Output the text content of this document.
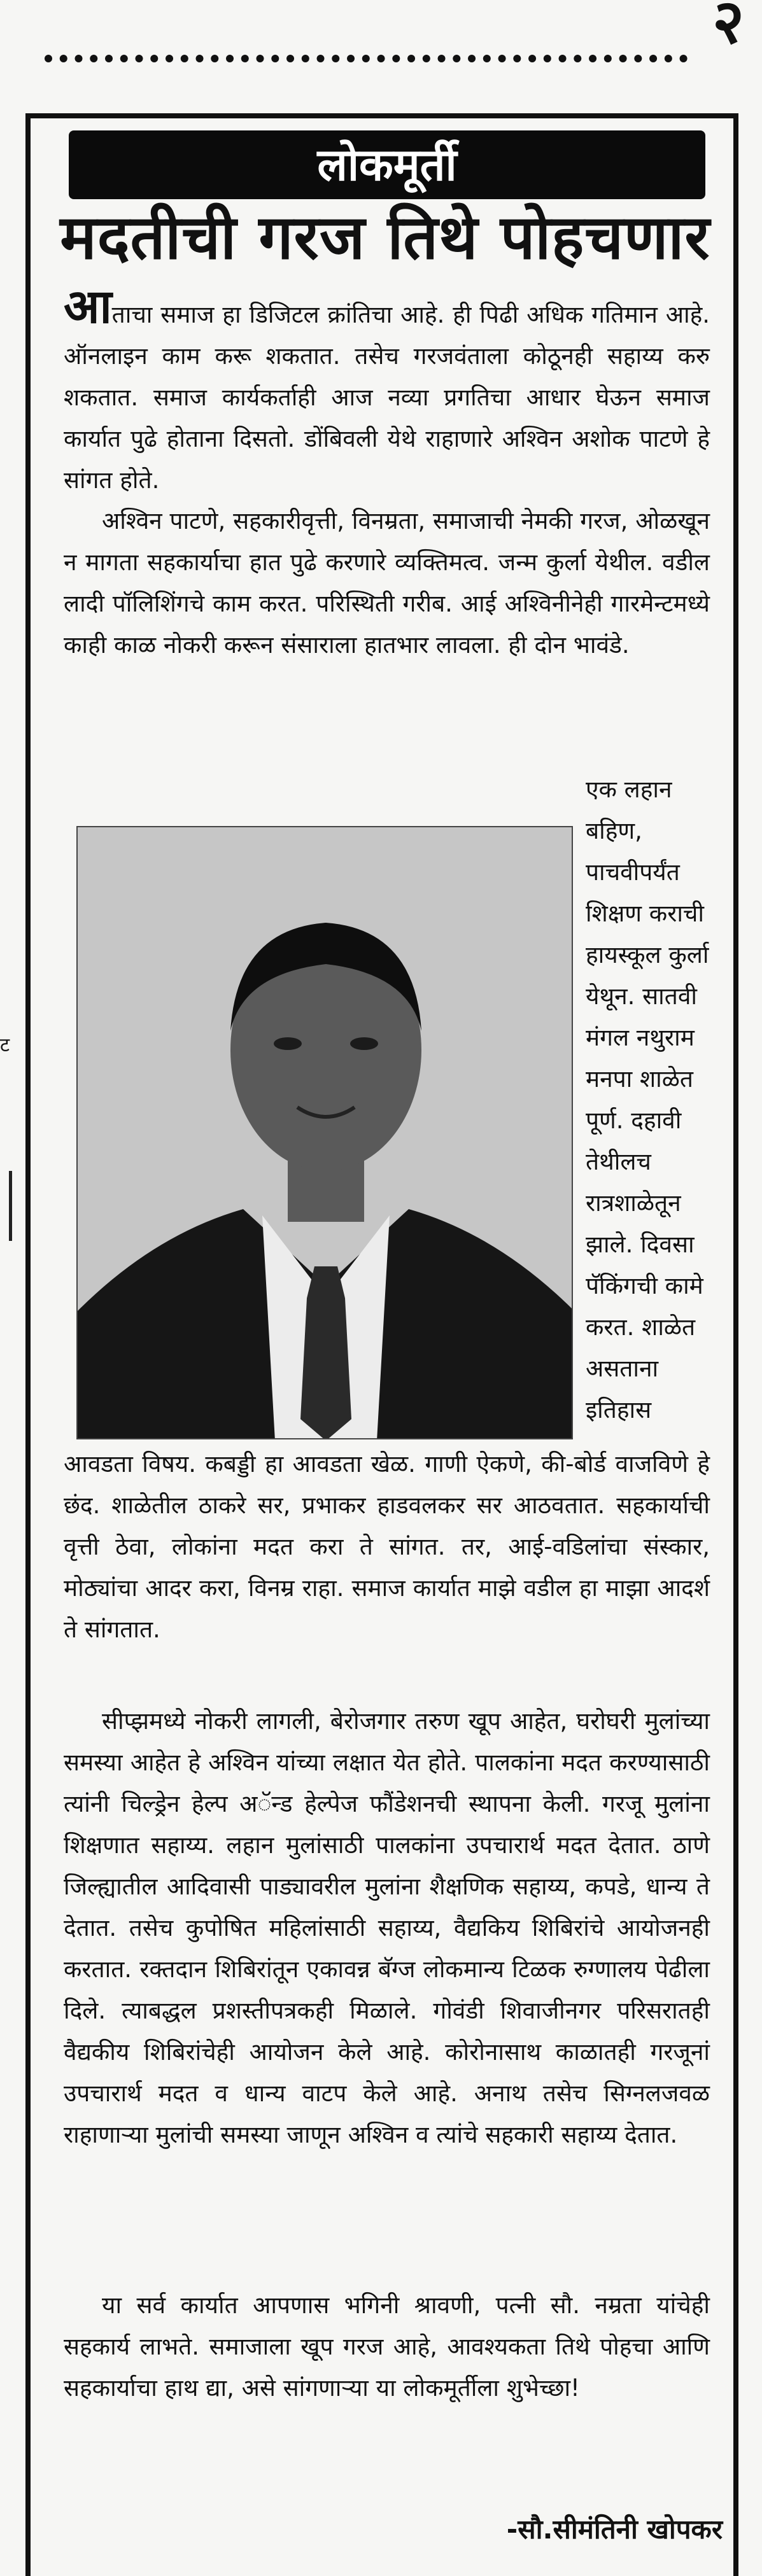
२
ट
लोकमूर्ती
मदतीची गरज तिथे पोहचणार

आताचा समाज हा डिजिटल क्रांतिचा आहे. ही पिढी अधिक गतिमान आहे. ऑनलाइन काम करू शकतात. तसेच गरजवंताला कोठूनही सहाय्य करु शकतात. समाज कार्यकर्ताही आज नव्या प्रगतिचा आधार घेऊन समाज कार्यात पुढे होताना दिसतो. डोंबिवली येथे राहाणारे अश्विन अशोक पाटणे हे सांगत होते.

अश्विन पाटणे, सहकारीवृत्ती, विनम्रता, समाजाची नेमकी गरज, ओळखून न मागता सहकार्याचा हात पुढे करणारे व्यक्तिमत्व. जन्म कुर्ला येथील. वडील लादी पॉलिशिंगचे काम करत. परिस्थिती गरीब. आई अश्विनीनेही गारमेन्टमध्ये काही काळ नोकरी करून संसाराला हातभार लावला. ही दोन भावंडे.

एक लहान
बहिण,
पाचवीपर्यंत
शिक्षण कराची
हायस्कूल कुर्ला
येथून. सातवी
मंगल नथुराम
मनपा शाळेत
पूर्ण. दहावी
तेथीलच
रात्रशाळेतून
झाले. दिवसा
पॅकिंगची कामे
करत. शाळेत
असताना
इतिहास

आवडता विषय. कबड्डी हा आवडता खेळ. गाणी ऐकणे, की-बोर्ड वाजविणे हे छंद. शाळेतील ठाकरे सर, प्रभाकर हाडवलकर सर आठवतात. सहकार्याची वृत्ती ठेवा, लोकांना मदत करा ते सांगत. तर, आई-वडिलांचा संस्कार, मोठ्यांचा आदर करा, विनम्र राहा. समाज कार्यात माझे वडील हा माझा आदर्श ते सांगतात.

सीप्झमध्ये नोकरी लागली, बेरोजगार तरुण खूप आहेत, घरोघरी मुलांच्या समस्या आहेत हे अश्विन यांच्या लक्षात येत होते. पालकांना मदत करण्यासाठी त्यांनी चिल्ड्रेन हेल्प अॅन्ड हेल्पेज फौंडेशनची स्थापना केली. गरजू मुलांना शिक्षणात सहाय्य. लहान मुलांसाठी पालकांना उपचारार्थ मदत देतात. ठाणे जिल्ह्यातील आदिवासी पाड्यावरील मुलांना शैक्षणिक सहाय्य, कपडे, धान्य ते देतात. तसेच कुपोषित महिलांसाठी सहाय्य, वैद्यकिय शिबिरांचे आयोजनही करतात. रक्तदान शिबिरांतून एकावन्न बॅग्ज लोकमान्य टिळक रुग्णालय पेढीला दिले. त्याबद्धल प्रशस्तीपत्रकही मिळाले. गोवंडी शिवाजीनगर परिसरातही वैद्यकीय शिबिरांचेही आयोजन केले आहे. कोरोनासाथ काळातही गरजूनां उपचारार्थ मदत व धान्य वाटप केले आहे. अनाथ तसेच सिग्नलजवळ राहाणाऱ्या मुलांची समस्या जाणून अश्विन व त्यांचे सहकारी सहाय्य देतात.

या सर्व कार्यात आपणास भगिनी श्रावणी, पत्नी सौ. नम्रता यांचेही सहकार्य लाभते. समाजाला खूप गरज आहे, आवश्यकता तिथे पोहचा आणि सहकार्याचा हाथ द्या, असे सांगणाऱ्या या लोकमूर्तीला शुभेच्छा!

-सौ.सीमंतिनी खोपकर
